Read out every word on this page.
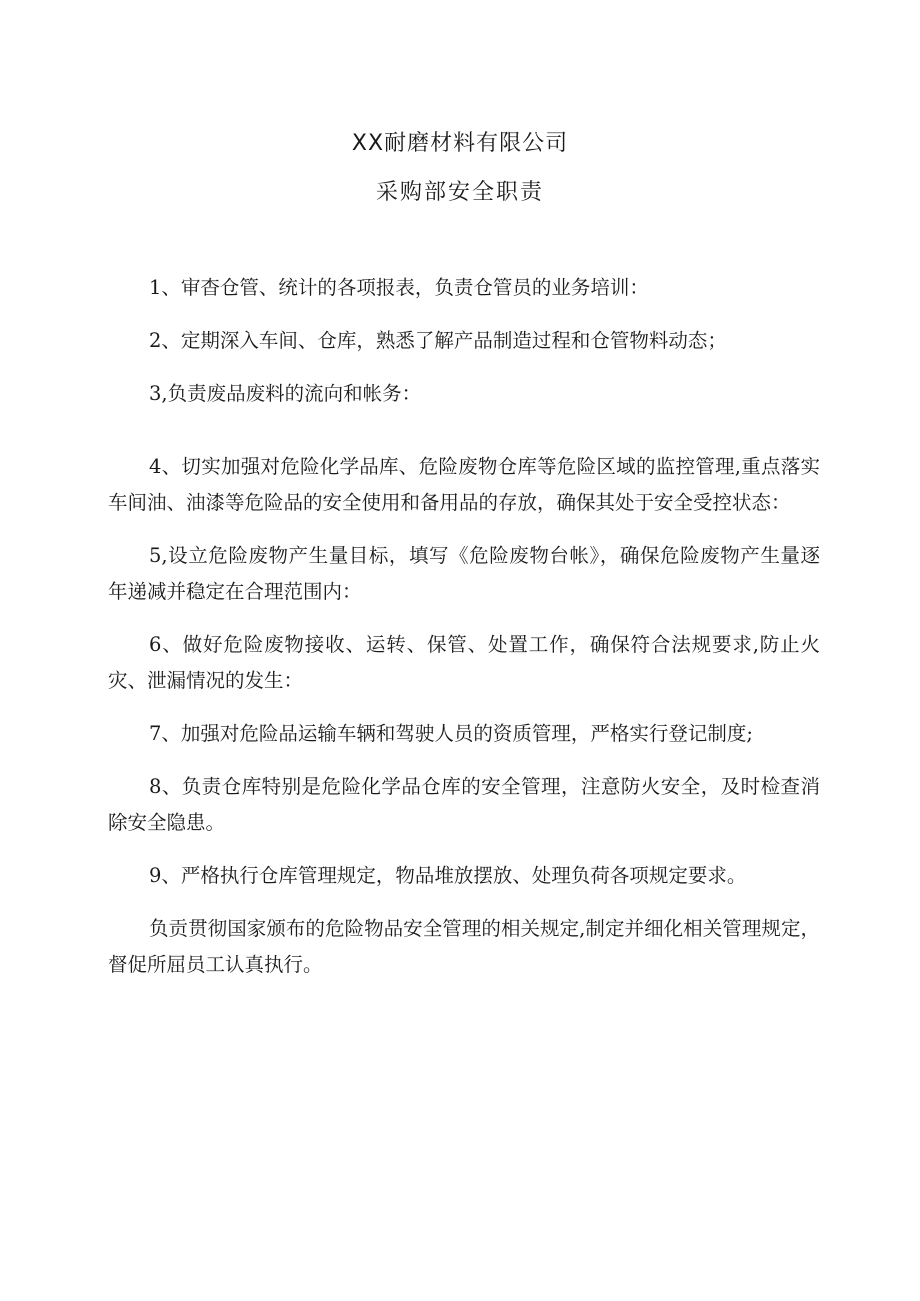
XX耐磨材料有限公司
采购部安全职责

1、审杳仓管、统计的各项报表，负责仓管员的业务培训：

2、定期深入车间、仓库，熟悉了解产品制造过程和仓管物料动态；

3,负责废品废料的流向和帐务：

4、切实加强对危险化学品库、危险废物仓库等危险区域的监控管理,重点落实车间油、油漆等危险品的安全使用和备用品的存放，确保其处于安全受控状态：

5,设立危险废物产生量目标，填写《危险废物台帐》，确保危险废物产生量逐年递减并稳定在合理范围内：

6、做好危险废物接收、运转、保管、处置工作，确保符合法规要求,防止火灾、泄漏情况的发生：

7、加强对危险品运输车辆和驾驶人员的资质管理，严格实行登记制度;

8、负责仓库特别是危险化学品仓库的安全管理，注意防火安全，及时检查消除安全隐患。

9、严格执行仓库管理规定，物品堆放摆放、处理负荷各项规定要求。

负贡贯彻国家颁布的危险物品安全管理的相关规定,制定并细化相关管理规定，督促所屈员工认真执行。
